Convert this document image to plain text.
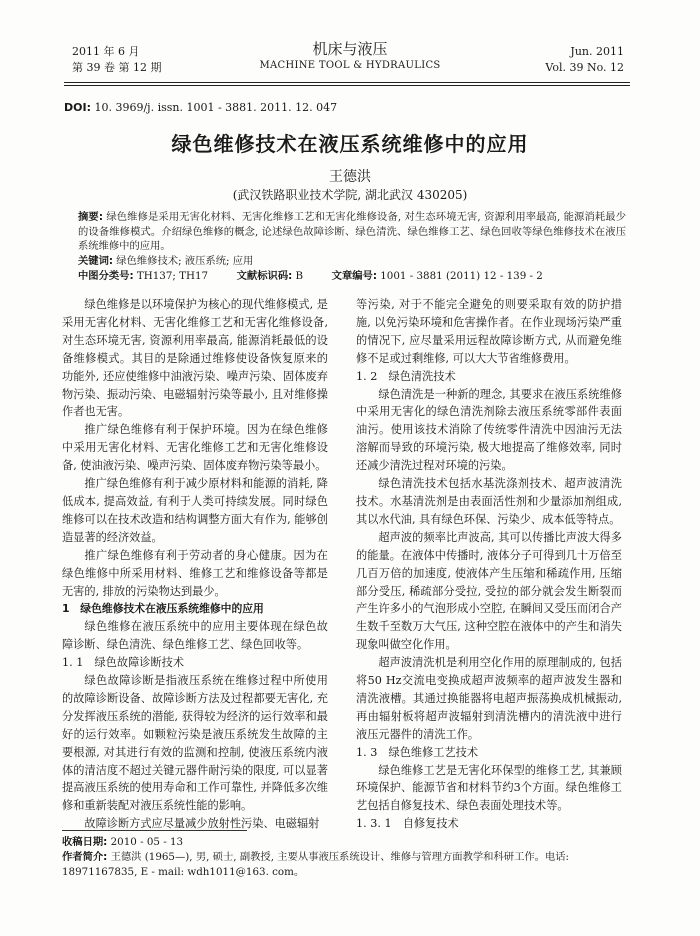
2011 年 6 月
第 39 卷 第 12 期
机床与液压
MACHINE TOOL & HYDRAULICS
Jun. 2011
Vol. 39 No. 12
DOI: 10. 3969/j. issn. 1001 - 3881. 2011. 12. 047
绿色维修技术在液压系统维修中的应用
王德洪
(武汉铁路职业技术学院, 湖北武汉 430205)
摘要: 绿色维修是采用无害化材料、无害化维修工艺和无害化维修设备, 对生态环境无害, 资源利用率最高, 能源消耗最少的设备维修模式。介绍绿色维修的概念, 论述绿色故障诊断、绿色清洗、绿色维修工艺、绿色回收等绿色维修技术在液压系统维修中的应用。
关键词: 绿色维修技术; 液压系统; 应用
中图分类号: TH137; TH17	文献标识码: B	文章编号: 1001 - 3881 (2011) 12 - 139 - 2

绿色维修是以环境保护为核心的现代维修模式, 是采用无害化材料、无害化维修工艺和无害化维修设备, 对生态环境无害, 资源利用率最高, 能源消耗最低的设备维修模式。其目的是除通过维修使设备恢复原来的功能外, 还应使维修中油液污染、噪声污染、固体废弃物污染、振动污染、电磁辐射污染等最小, 且对维修操作者也无害。

推广绿色维修有利于保护环境。因为在绿色维修中采用无害化材料、无害化维修工艺和无害化维修设备, 使油液污染、噪声污染、固体废弃物污染等最小。

推广绿色维修有利于减少原材料和能源的消耗, 降低成本, 提高效益, 有利于人类可持续发展。同时绿色维修可以在技术改造和结构调整方面大有作为, 能够创造显著的经济效益。

推广绿色维修有利于劳动者的身心健康。因为在绿色维修中所采用材料、维修工艺和维修设备等都是无害的, 排放的污染物达到最少。

1　绿色维修技术在液压系统维修中的应用

绿色维修在液压系统中的应用主要体现在绿色故障诊断、绿色清洗、绿色维修工艺、绿色回收等。

1. 1　绿色故障诊断技术

绿色故障诊断是指液压系统在维修过程中所使用的故障诊断设备、故障诊断方法及过程都要无害化, 充分发挥液压系统的潜能, 获得较为经济的运行效率和最好的运行效率。如颗粒污染是液压系统发生故障的主要根源, 对其进行有效的监测和控制, 使液压系统内液体的清洁度不超过关键元器件耐污染的限度, 可以显著提高液压系统的使用寿命和工作可靠性, 并降低多次维修和重新装配对液压系统性能的影响。

故障诊断方式应尽量减少放射性污染、电磁辐射

等污染, 对于不能完全避免的则要采取有效的防护措施, 以免污染环境和危害操作者。在作业现场污染严重的情况下, 应尽量采用远程故障诊断方式, 从而避免维修不足或过剩维修, 可以大大节省维修费用。

1. 2　绿色清洗技术

绿色清洗是一种新的理念, 其要求在液压系统维修中采用无害化的绿色清洗剂除去液压系统零部件表面油污。使用该技术消除了传统零件清洗中因油污无法溶解而导致的环境污染, 极大地提高了维修效率, 同时还减少清洗过程对环境的污染。

绿色清洗技术包括水基洗涤剂技术、超声波清洗技术。水基清洗剂是由表面活性剂和少量添加剂组成, 其以水代油, 具有绿色环保、污染少、成本低等特点。

超声波的频率比声波高, 其可以传播比声波大得多的能量。在液体中传播时, 液体分子可得到几十万倍至几百万倍的加速度, 使液体产生压缩和稀疏作用, 压缩部分受压, 稀疏部分受拉, 受拉的部分就会发生断裂而产生许多小的气泡形成小空腔, 在瞬间又受压而闭合产生数千至数万大气压, 这种空腔在液体中的产生和消失现象叫做空化作用。

超声波清洗机是利用空化作用的原理制成的, 包括将50 Hz交流电变换成超声波频率的超声波发生器和清洗液槽。其通过换能器将电超声振荡换成机械振动, 再由辐射板将超声波辐射到清洗槽内的清洗液中进行液压元器件的清洗工作。

1. 3　绿色维修工艺技术

绿色维修工艺是无害化环保型的维修工艺, 其兼顾环境保护、能源节省和材料节约3个方面。绿色维修工艺包括自修复技术、绿色表面处理技术等。

1. 3. 1　自修复技术
收稿日期: 2010 - 05 - 13
作者简介: 王德洪 (1965—), 男, 硕士, 副教授, 主要从事液压系统设计、维修与管理方面教学和科研工作。电话: 18971167835, E - mail: wdh1011@163. com。
